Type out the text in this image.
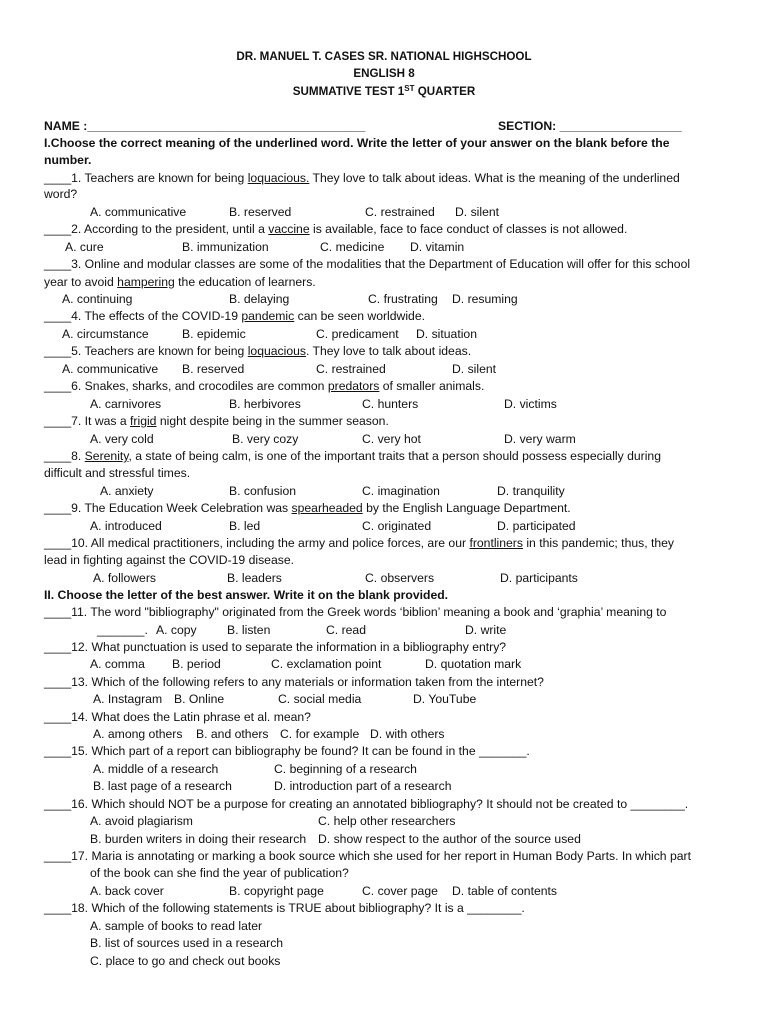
DR. MANUEL T. CASES SR. NATIONAL HIGHSCHOOL
ENGLISH 8
SUMMATIVE TEST 1ST QUARTER
NAME :_________________________________________	SECTION: __________________
I.Choose the correct meaning of the underlined word. Write the letter of your answer on the blank before the
number.
____1. Teachers are known for being loquacious. They love to talk about ideas. What is the meaning of the underlined
word?
A. communicative	B. reserved	C. restrained D. silent
____2. According to the president, until a vaccine is available, face to face conduct of classes is not allowed.
A. cure	B. immunization	C. medicine D. vitamin
____3. Online and modular classes are some of the modalities that the Department of Education will offer for this school
year to avoid hampering the education of learners.
A. continuing	B. delaying	C. frustrating D. resuming
____4. The effects of the COVID-19 pandemic can be seen worldwide.
A. circumstance	B. epidemic	C. predicament D. situation
____5. Teachers are known for being loquacious. They love to talk about ideas.
A. communicative B. reserved	C. restrained	D. silent
____6. Snakes, sharks, and crocodiles are common predators of smaller animals.
A. carnivores	B. herbivores	C. hunters	D. victims
____7. It was a frigid night despite being in the summer season.
A. very cold	B. very cozy	C. very hot	D. very warm
____8. Serenity, a state of being calm, is one of the important traits that a person should possess especially during
difficult and stressful times.
A. anxiety	B. confusion	C. imagination	D. tranquility
____9. The Education Week Celebration was spearheaded by the English Language Department.
A. introduced	B. led	C. originated	D. participated
____10. All medical practitioners, including the army and police forces, are our frontliners in this pandemic; thus, they
lead in fighting against the COVID-19 disease.
A. followers	B. leaders	C. observers	D. participants
II. Choose the letter of the best answer. Write it on the blank provided.
____11. The word "bibliography" originated from the Greek words ‘biblion’ meaning a book and ‘graphia’ meaning to
_______. A. copy B. listen	C. read	D. write
____12. What punctuation is used to separate the information in a bibliography entry?
A. comma B. period	C. exclamation point	D. quotation mark
____13. Which of the following refers to any materials or information taken from the internet?
A. Instagram B. Online	C. social media	D. YouTube
____14. What does the Latin phrase et al. mean?
A. among others B. and others C. for example D. with others
____15. Which part of a report can bibliography be found? It can be found in the _______.
A. middle of a research	C. beginning of a research
B. last page of a research	D. introduction part of a research
____16. Which should NOT be a purpose for creating an annotated bibliography? It should not be created to ________.
A. avoid plagiarism	C. help other researchers
B. burden writers in doing their research D. show respect to the author of the source used
____17. Maria is annotating or marking a book source which she used for her report in Human Body Parts. In which part
of the book can she find the year of publication?
A. back cover	B. copyright page	C. cover page D. table of contents
____18. Which of the following statements is TRUE about bibliography? It is a ________.
A. sample of books to read later
B. list of sources used in a research
C. place to go and check out books
